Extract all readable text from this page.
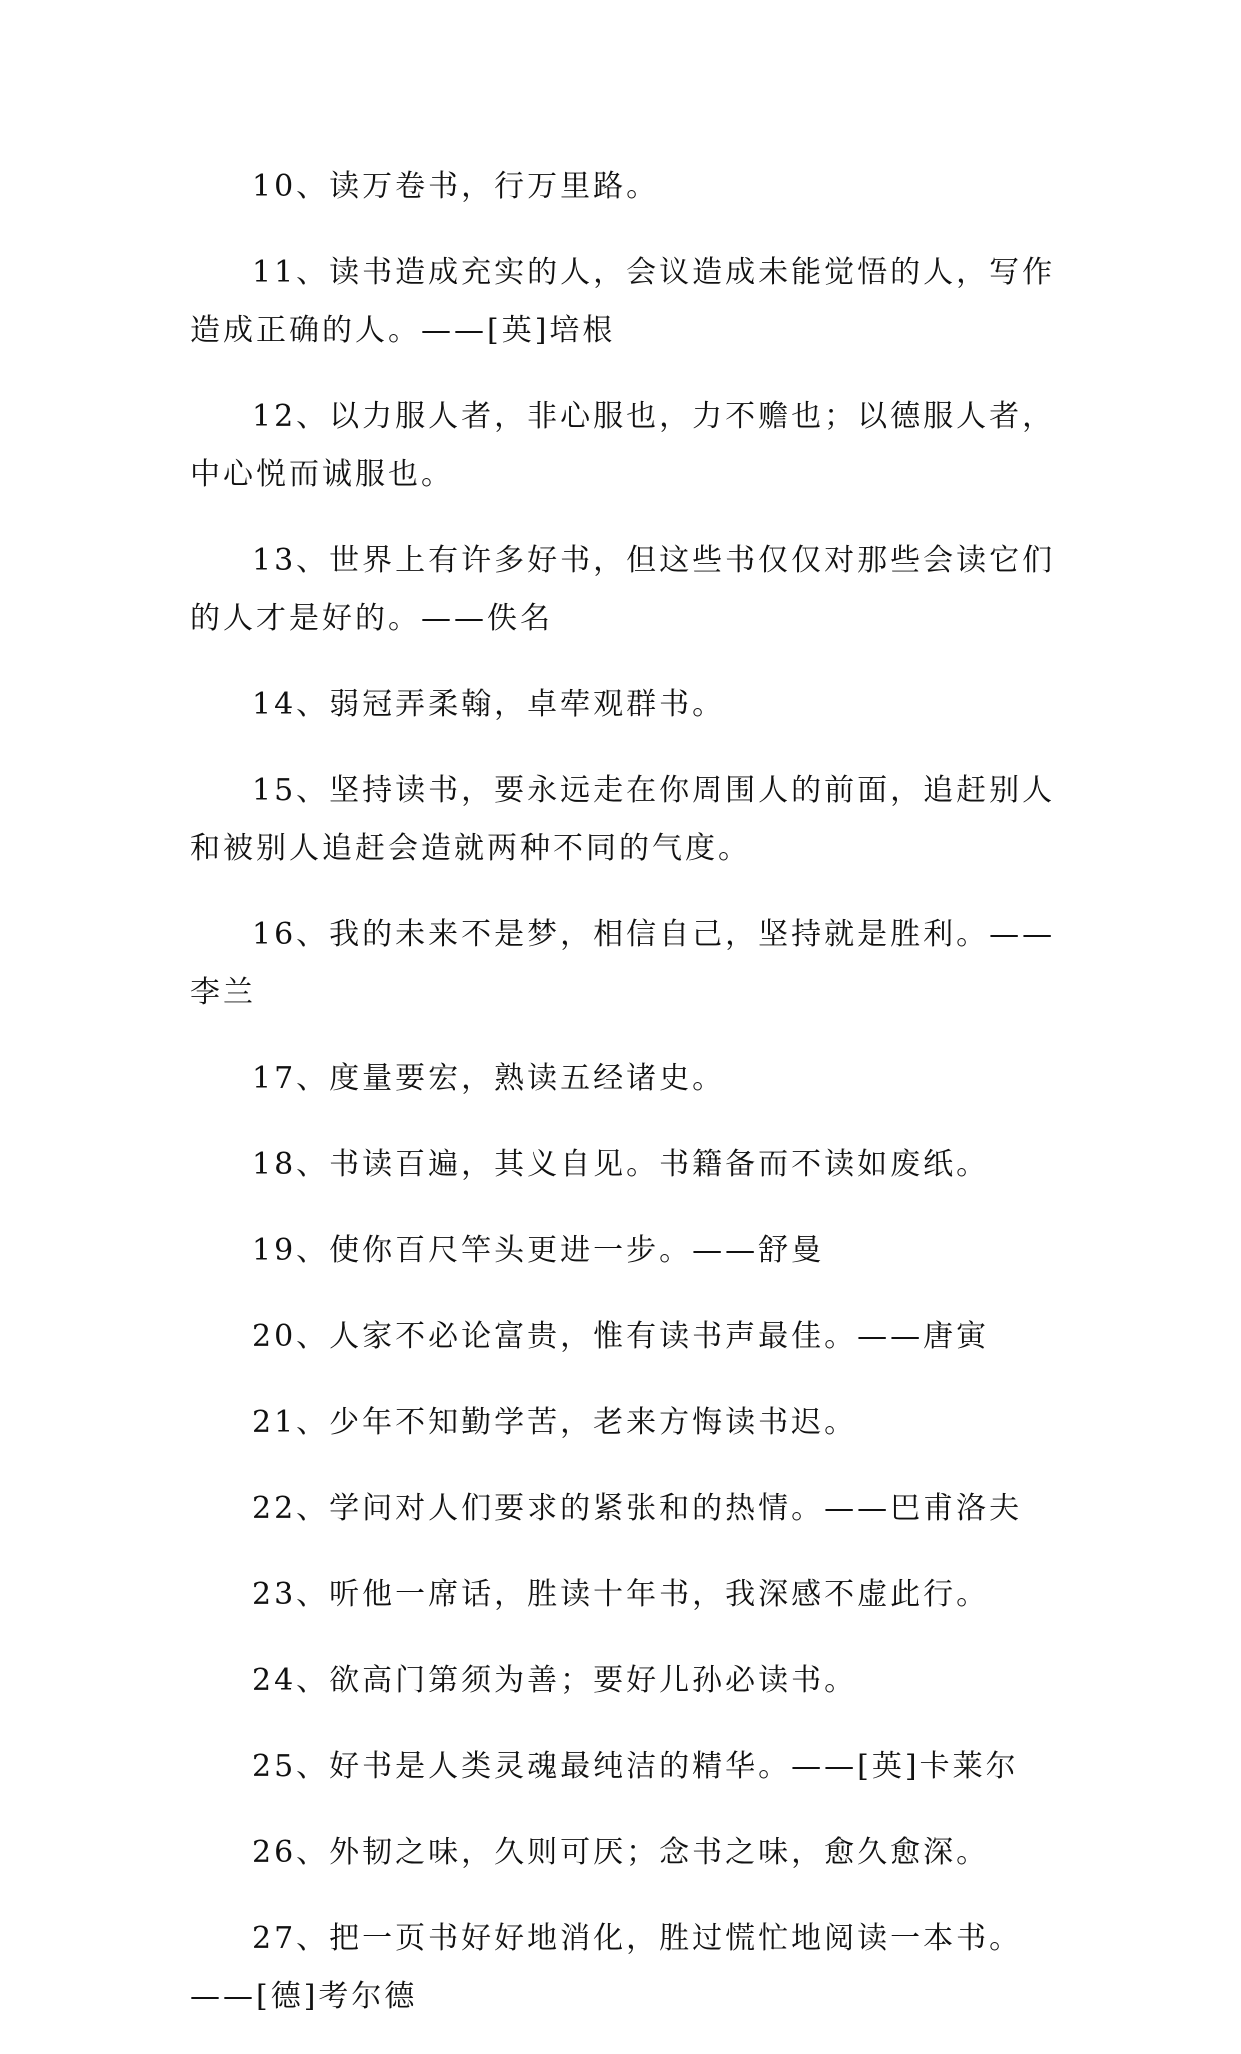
10、读万卷书，行万里路。

11、读书造成充实的人，会议造成未能觉悟的人，写作造成正确的人。——[英]培根

12、以力服人者，非心服也，力不赡也；以德服人者，中心悦而诚服也。

13、世界上有许多好书，但这些书仅仅对那些会读它们的人才是好的。——佚名

14、弱冠弄柔翰，卓荦观群书。

15、坚持读书，要永远走在你周围人的前面，追赶别人和被别人追赶会造就两种不同的气度。

16、我的未来不是梦，相信自己，坚持就是胜利。——李兰

17、度量要宏，熟读五经诸史。

18、书读百遍，其义自见。书籍备而不读如废纸。

19、使你百尺竿头更进一步。——舒曼

20、人家不必论富贵，惟有读书声最佳。——唐寅

21、少年不知勤学苦，老来方悔读书迟。

22、学问对人们要求的紧张和的热情。——巴甫洛夫

23、听他一席话，胜读十年书，我深感不虚此行。

24、欲高门第须为善；要好儿孙必读书。

25、好书是人类灵魂最纯洁的精华。——[英]卡莱尔

26、外韧之味，久则可厌；念书之味，愈久愈深。

27、把一页书好好地消化，胜过慌忙地阅读一本书。——[德]考尔德
